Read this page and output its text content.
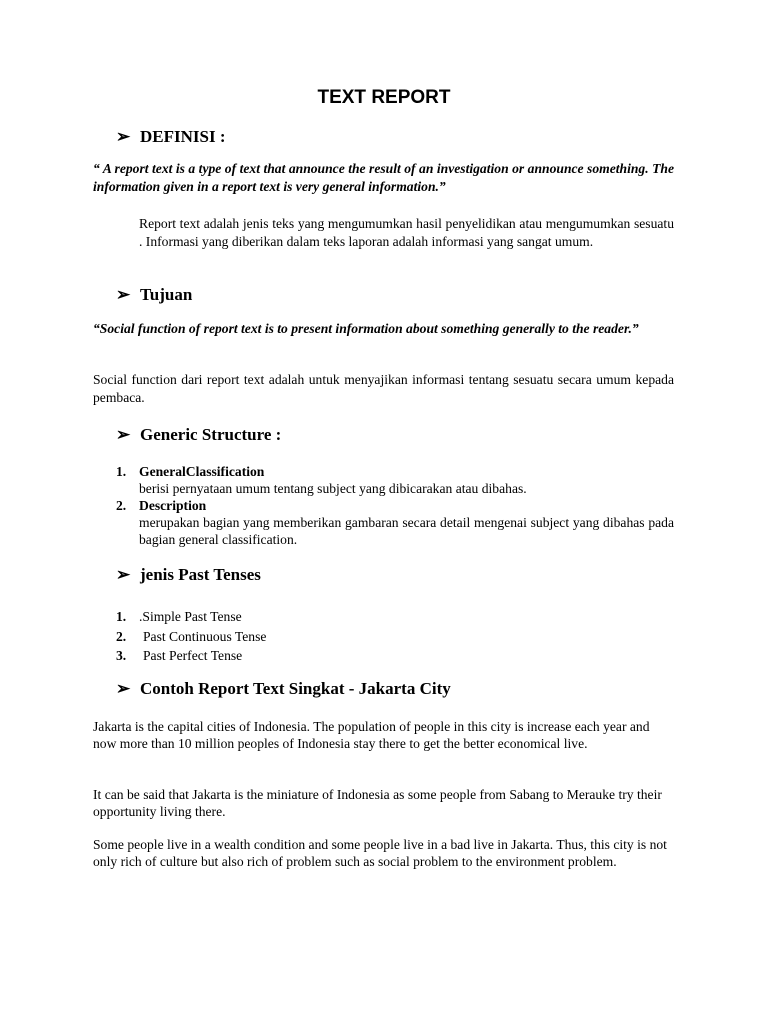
TEXT REPORT
➢ DEFINISI :
“ A report text is a type of text that announce the result of an investigation or announce something. The information given in a report text is very general information.”
Report text adalah jenis teks yang mengumumkan hasil penyelidikan atau mengumumkan sesuatu . Informasi yang diberikan dalam teks laporan adalah informasi yang sangat umum.
➢ Tujuan
“Social function of report text is to present information about something generally to the reader.”
Social function dari report text adalah untuk menyajikan informasi tentang sesuatu secara umum kepada pembaca.
➢ Generic Structure :
1. GeneralClassification
berisi pernyataan umum tentang subject yang dibicarakan atau dibahas.
2. Description
merupakan bagian yang memberikan gambaran secara detail mengenai subject yang dibahas pada bagian general classification.
➢ jenis Past Tenses
1. .Simple Past Tense
2. Past Continuous Tense
3. Past Perfect Tense
➢ Contoh Report Text Singkat - Jakarta City
Jakarta is the capital cities of Indonesia. The population of people in this city is increase each year and now more than 10 million peoples of Indonesia stay there to get the better economical live.
It can be said that Jakarta is the miniature of Indonesia as some people from Sabang to Merauke try their opportunity living there.
Some people live in a wealth condition and some people live in a bad live in Jakarta. Thus, this city is not only rich of culture but also rich of problem such as social problem to the environment problem.
